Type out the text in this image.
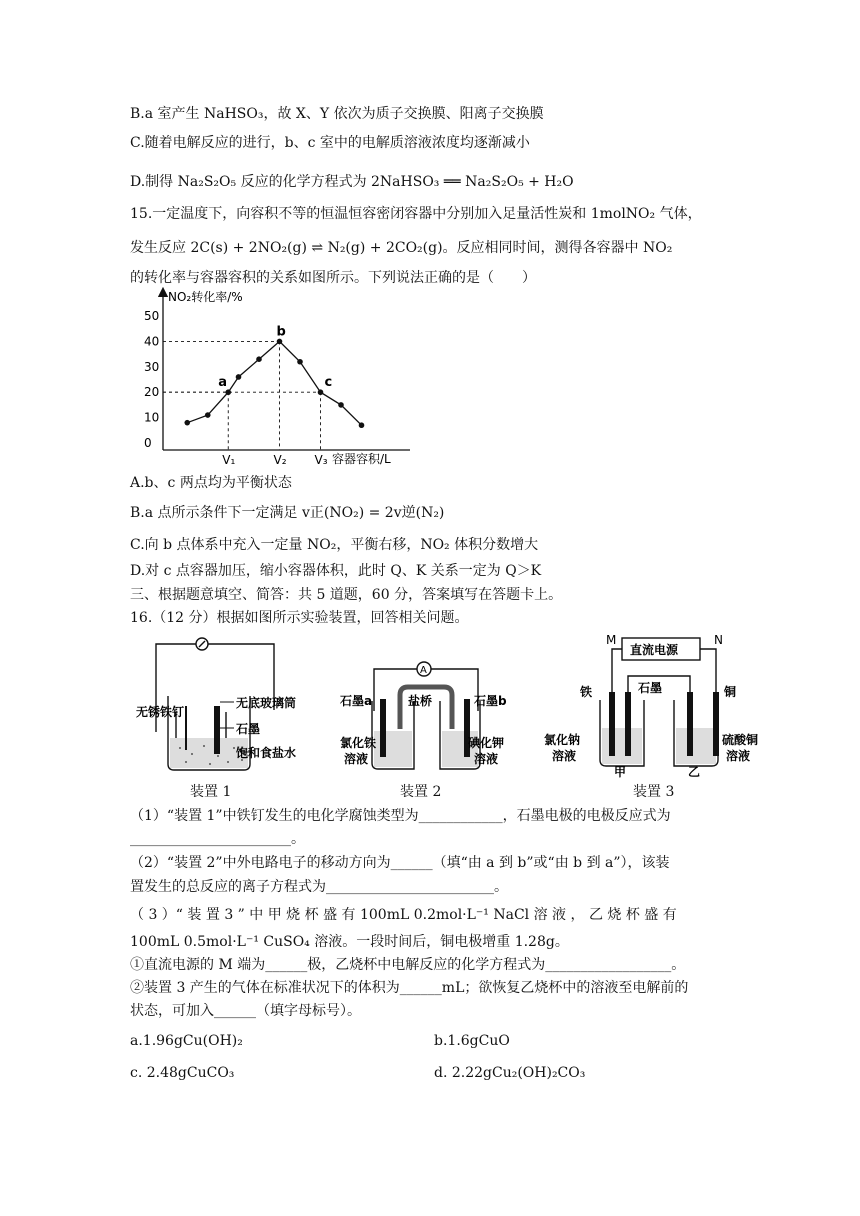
B.a 室产生 NaHSO₃，故 X、Y 依次为质子交换膜、阳离子交换膜
C.随着电解反应的进行，b、c 室中的电解质溶液浓度均逐渐减小
D.制得 Na₂S₂O₅ 反应的化学方程式为 2NaHSO₃ ══ Na₂S₂O₅ + H₂O
15.一定温度下，向容积不等的恒温恒容密闭容器中分别加入足量活性炭和 1molNO₂ 气体，
发生反应 2C(s) + 2NO₂(g) ⇌ N₂(g) + 2CO₂(g)。反应相同时间，测得各容器中 NO₂
的转化率与容器容积的关系如图所示。下列说法正确的是（　　）
NO₂转化率/%
50
40
30
20
10
0
a
b
c
V₁	V₂ V₃ 容器容积/L
A.b、c 两点均为平衡状态
B.a 点所示条件下一定满足 v正(NO₂) = 2v逆(N₂)
C.向 b 点体系中充入一定量 NO₂，平衡右移，NO₂ 体积分数增大
D.对 c 点容器加压，缩小容器体积，此时 Q、K 关系一定为 Q＞K
三、根据题意填空、简答：共 5 道题，60 分，答案填写在答题卡上。
16.（12 分）根据如图所示实验装置，回答相关问题。
无锈铁钉
无底玻璃筒
石墨
饱和食盐水
A
石墨a	盐桥	石墨b
氯化铁
溶液
碘化钾
溶液
M	N
直流电源
铁	石墨	铜
氯化钠
溶液
硫酸铜
溶液
甲	乙
装置 1	装置 2	装置 3
（1）“装置 1”中铁钉发生的电化学腐蚀类型为____________，石墨电极的电极反应式为
_______________________。
（2）“装置 2”中外电路电子的移动方向为______（填“由 a 到 b”或“由 b 到 a”），该装
置发生的总反应的离子方程式为________________________。
（ 3 ）“ 装 置 3 ” 中 甲 烧 杯 盛 有 100mL 0.2mol·L⁻¹ NaCl 溶 液 ， 乙 烧 杯 盛 有
100mL 0.5mol·L⁻¹ CuSO₄ 溶液。一段时间后，铜电极增重 1.28g。
①直流电源的 M 端为______极，乙烧杯中电解反应的化学方程式为__________________。
②装置 3 产生的气体在标准状况下的体积为______mL；欲恢复乙烧杯中的溶液至电解前的
状态，可加入______（填字母标号）。
a.1.96gCu(OH)₂	b.1.6gCuO
c. 2.48gCuCO₃	d. 2.22gCu₂(OH)₂CO₃
